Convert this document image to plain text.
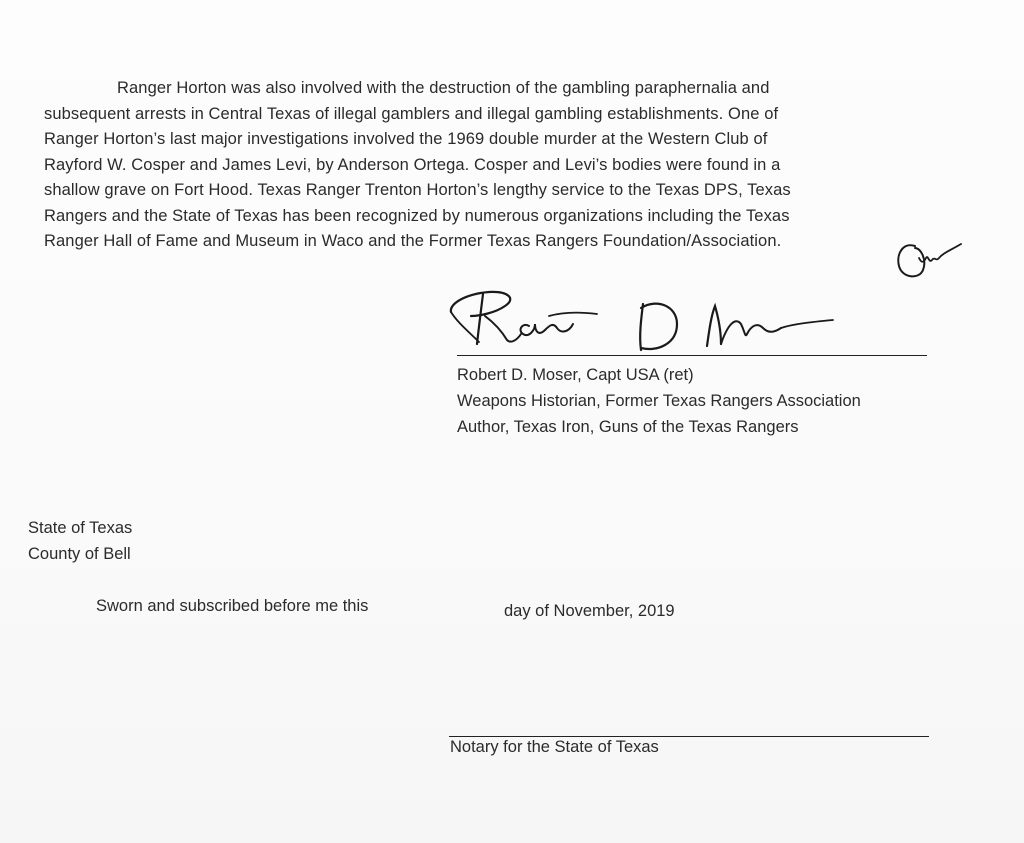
Ranger Horton was also involved with the destruction of the gambling paraphernalia and
subsequent arrests in Central Texas of illegal gamblers and illegal gambling establishments. One of
Ranger Horton’s last major investigations involved the 1969 double murder at the Western Club of
Rayford W. Cosper and James Levi, by Anderson Ortega. Cosper and Levi’s bodies were found in a
shallow grave on Fort Hood. Texas Ranger Trenton Horton’s lengthy service to the Texas DPS, Texas
Rangers and the State of Texas has been recognized by numerous organizations including the Texas
Ranger Hall of Fame and Museum in Waco and the Former Texas Rangers Foundation/Association.
Robert D. Moser, Capt USA (ret)
Weapons Historian, Former Texas Rangers Association
Author, Texas Iron, Guns of the Texas Rangers
State of Texas
County of Bell
Sworn and subscribed before me this	day of November, 2019
Notary for the State of Texas
